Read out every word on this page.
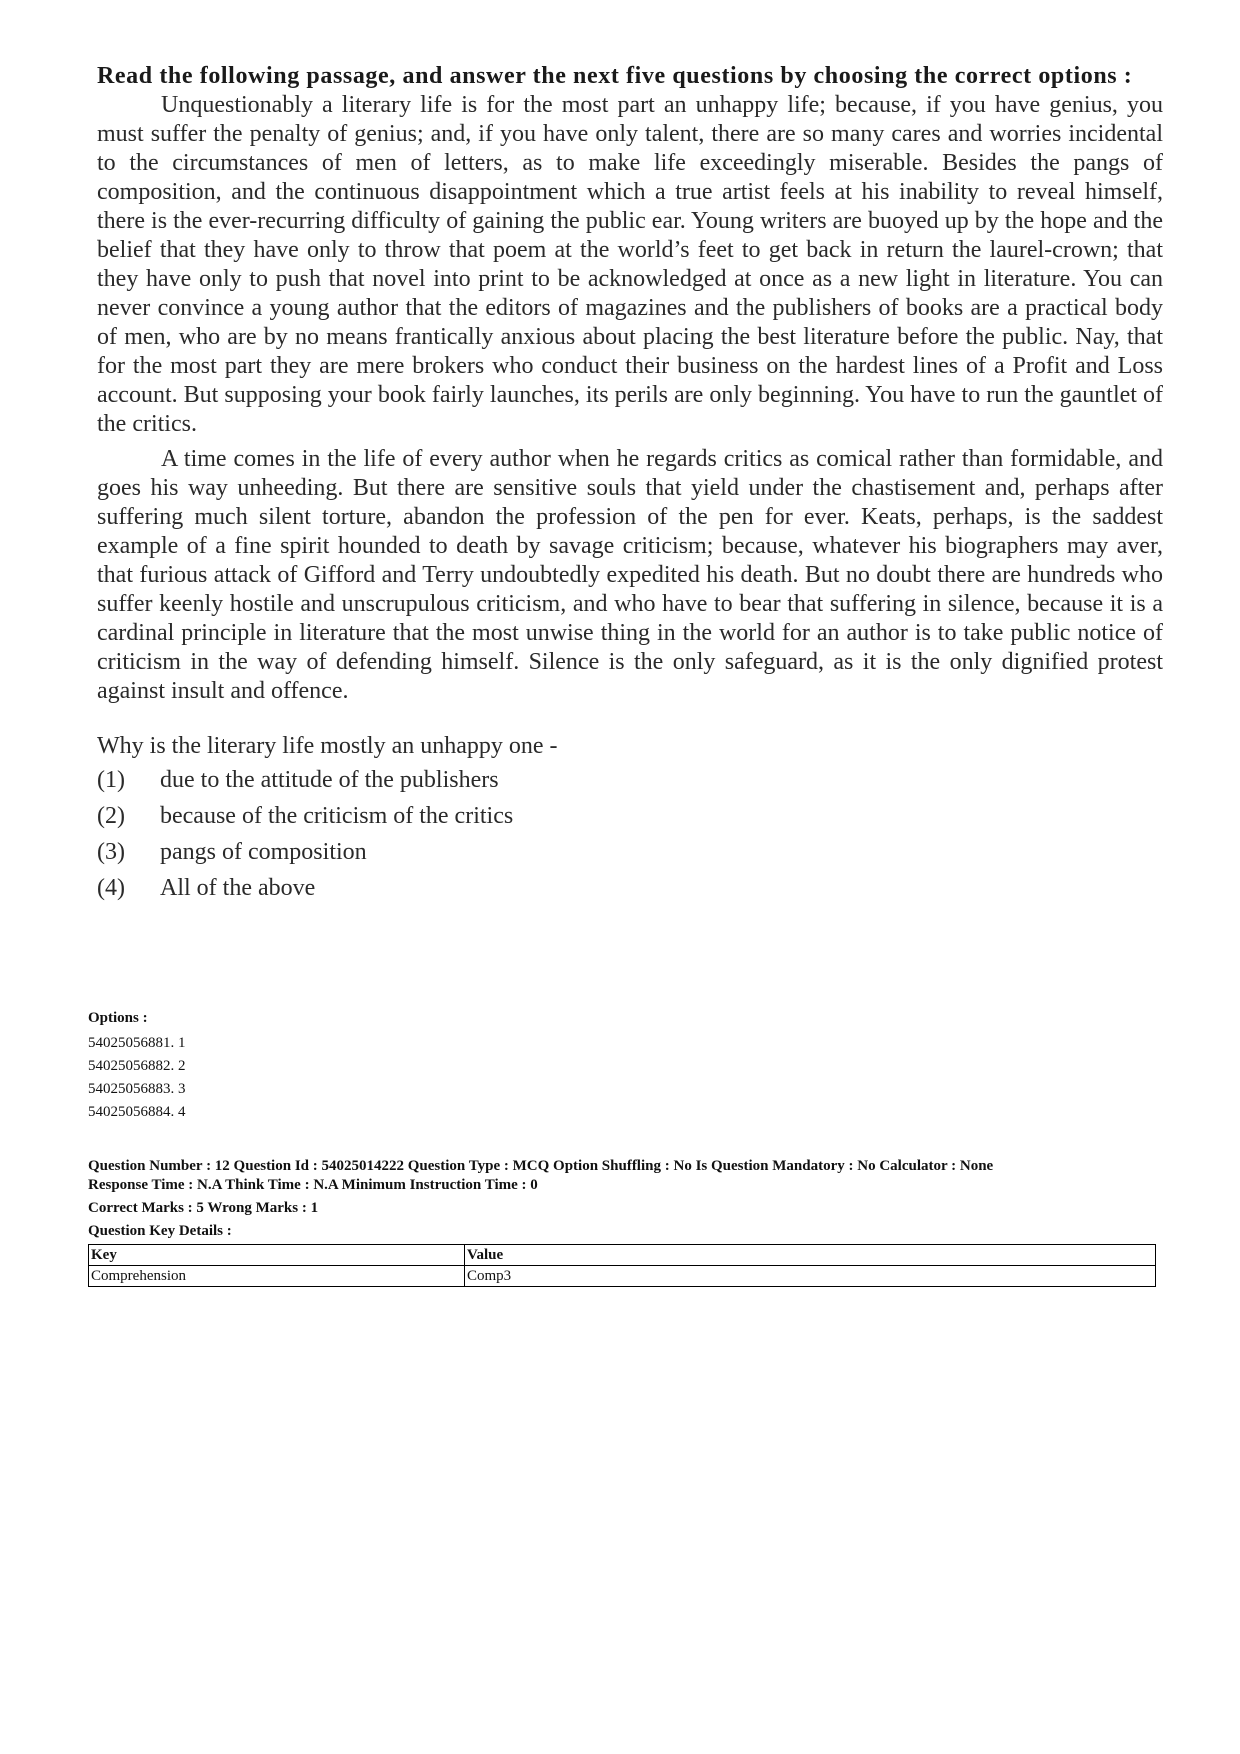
Read the following passage, and answer the next five questions by choosing the correct options :

Unquestionably a literary life is for the most part an unhappy life; because, if you have genius, you must suffer the penalty of genius; and, if you have only talent, there are so many cares and worries incidental to the circumstances of men of letters, as to make life exceedingly miserable. Besides the pangs of composition, and the continuous disappointment which a true artist feels at his inability to reveal himself, there is the ever-recurring difficulty of gaining the public ear. Young writers are buoyed up by the hope and the belief that they have only to throw that poem at the world’s feet to get back in return the laurel-crown; that they have only to push that novel into print to be acknowledged at once as a new light in literature. You can never convince a young author that the editors of magazines and the publishers of books are a practical body of men, who are by no means frantically anxious about placing the best literature before the public. Nay, that for the most part they are mere brokers who conduct their business on the hardest lines of a Profit and Loss account. But supposing your book fairly launches, its perils are only beginning. You have to run the gauntlet of the critics.

A time comes in the life of every author when he regards critics as comical rather than formidable, and goes his way unheeding. But there are sensitive souls that yield under the chastisement and, perhaps after suffering much silent torture, abandon the profession of the pen for ever. Keats, perhaps, is the saddest example of a fine spirit hounded to death by savage criticism; because, whatever his biographers may aver, that furious attack of Gifford and Terry undoubtedly expedited his death. But no doubt there are hundreds who suffer keenly hostile and unscrupulous criticism, and who have to bear that suffering in silence, because it is a cardinal principle in literature that the most unwise thing in the world for an author is to take public notice of criticism in the way of defending himself. Silence is the only safeguard, as it is the only dignified protest against insult and offence.

Why is the literary life mostly an unhappy one -

(1)	due to the attitude of the publishers
(2)	because of the criticism of the critics
(3)	pangs of composition
(4)	All of the above
Options :
54025056881. 1
54025056882. 2
54025056883. 3
54025056884. 4
Question Number : 12 Question Id : 54025014222 Question Type : MCQ Option Shuffling : No Is Question Mandatory : No Calculator : None
Response Time : N.A Think Time : N.A Minimum Instruction Time : 0
Correct Marks : 5 Wrong Marks : 1
Question Key Details :
Key	Value
Comprehension	Comp3
